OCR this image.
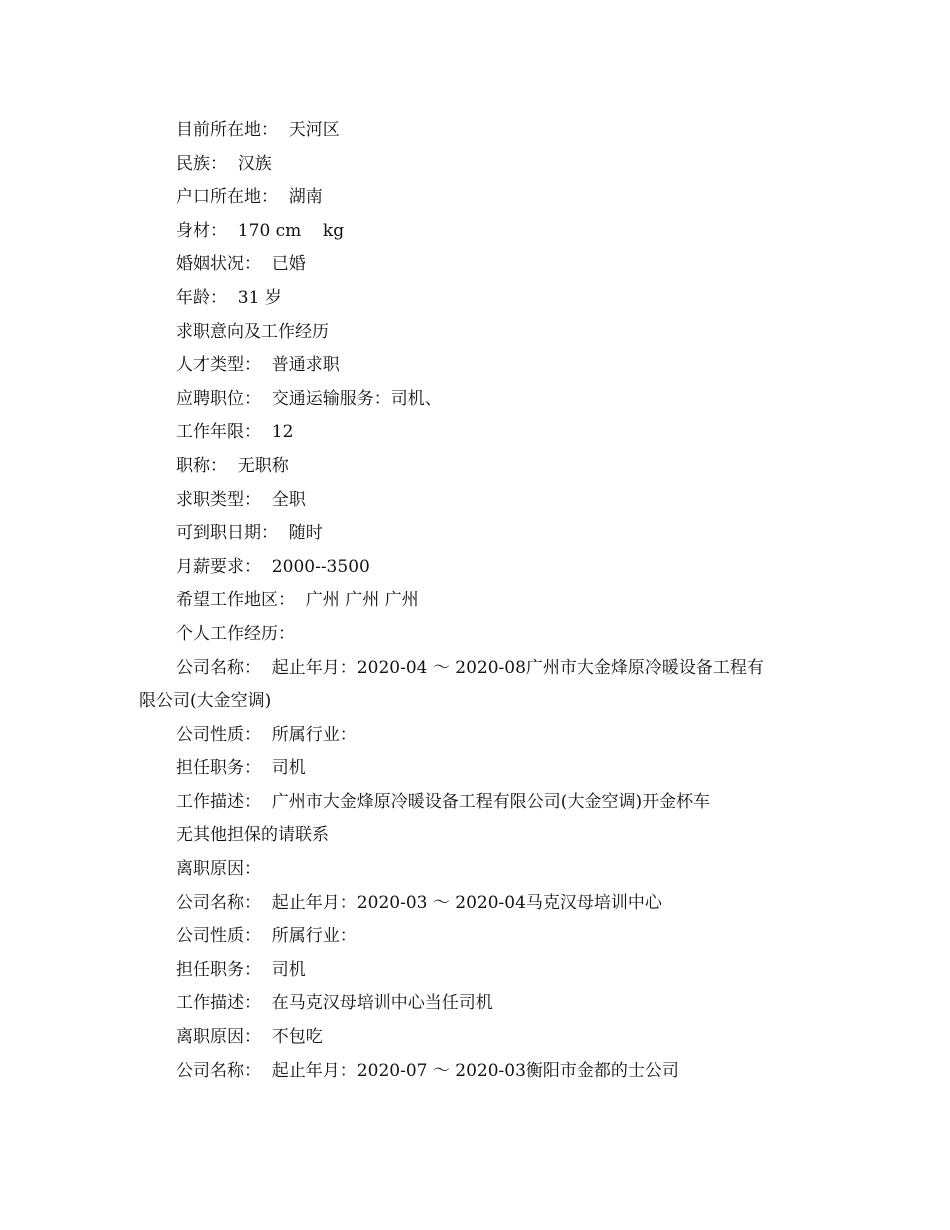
目前所在地：  天河区
民族：  汉族
户口所在地：  湖南
身材：  170 cm    kg
婚姻状况：  已婚
年龄：  31 岁
求职意向及工作经历
人才类型：  普通求职
应聘职位：  交通运输服务：司机、
工作年限：  12
职称：  无职称
求职类型：  全职
可到职日期：  随时
月薪要求：  2000--3500
希望工作地区：  广州 广州 广州
个人工作经历：
公司名称：  起止年月：2020-04 ～ 2020-08广州市大金烽原冷暖设备工程有
限公司(大金空调)
公司性质：  所属行业：
担任职务：  司机
工作描述：  广州市大金烽原冷暖设备工程有限公司(大金空调)开金杯车
无其他担保的请联系
离职原因：
公司名称：  起止年月：2020-03 ～ 2020-04马克汉母培训中心
公司性质：  所属行业：
担任职务：  司机
工作描述：  在马克汉母培训中心当任司机
离职原因：  不包吃
公司名称：  起止年月：2020-07 ～ 2020-03衡阳市金都的士公司
